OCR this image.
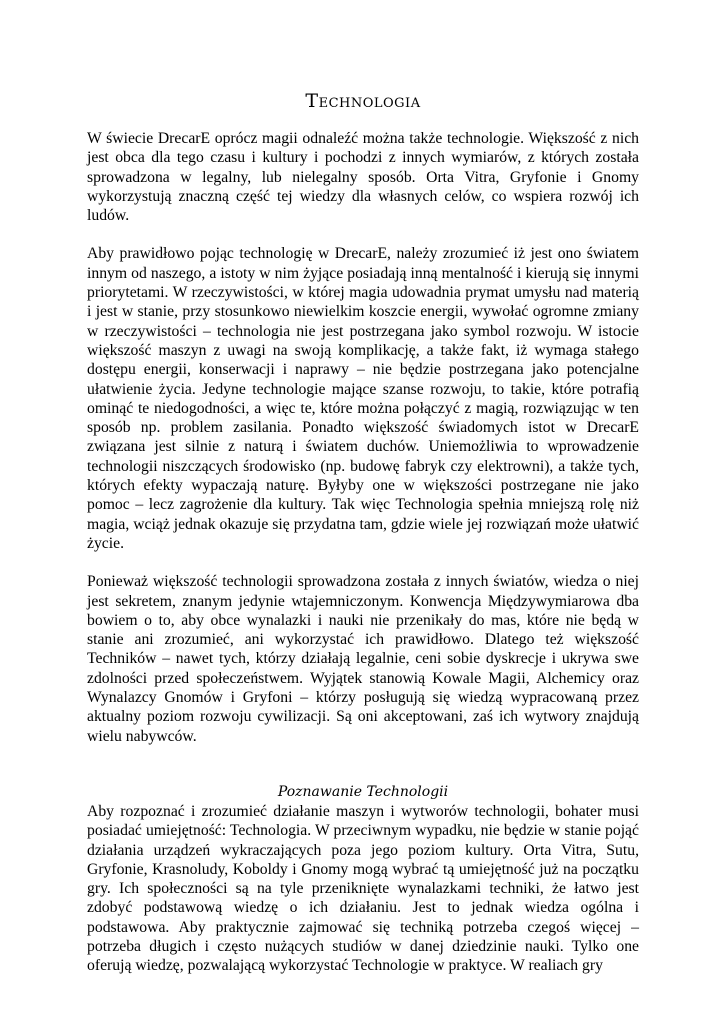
Technologia

W świecie DrecarE oprócz magii odnaleźć można także technologie. Większość z nich jest obca dla tego czasu i kultury i pochodzi z innych wymiarów, z których została sprowadzona w legalny, lub nielegalny sposób. Orta Vitra, Gryfonie i Gnomy wykorzystują znaczną część tej wiedzy dla własnych celów, co wspiera rozwój ich ludów.

Aby prawidłowo pojąc technologię w DrecarE, należy zrozumieć iż jest ono światem innym od naszego, a istoty w nim żyjące posiadają inną mentalność i kierują się innymi priorytetami. W rzeczywistości, w której magia udowadnia prymat umysłu nad materią i jest w stanie, przy stosunkowo niewielkim koszcie energii, wywołać ogromne zmiany w rzeczywistości – technologia nie jest postrzegana jako symbol rozwoju. W istocie większość maszyn z uwagi na swoją komplikację, a także fakt, iż wymaga stałego dostępu energii, konserwacji i naprawy – nie będzie postrzegana jako potencjalne ułatwienie życia. Jedyne technologie mające szanse rozwoju, to takie, które potrafią ominąć te niedogodności, a więc te, które można połączyć z magią, rozwiązując w ten sposób np. problem zasilania. Ponadto większość świadomych istot w DrecarE związana jest silnie z naturą i światem duchów. Uniemożliwia to wprowadzenie technologii niszczących środowisko (np. budowę fabryk czy elektrowni), a także tych, których efekty wypaczają naturę. Byłyby one w większości postrzegane nie jako pomoc – lecz zagrożenie dla kultury. Tak więc Technologia spełnia mniejszą rolę niż magia, wciąż jednak okazuje się przydatna tam, gdzie wiele jej rozwiązań może ułatwić życie.

Ponieważ większość technologii sprowadzona została z innych światów, wiedza o niej jest sekretem, znanym jedynie wtajemniczonym. Konwencja Międzywymiarowa dba bowiem o to, aby obce wynalazki i nauki nie przenikały do mas, które nie będą w stanie ani zrozumieć, ani wykorzystać ich prawidłowo. Dlatego też większość Techników – nawet tych, którzy działają legalnie, ceni sobie dyskrecje i ukrywa swe zdolności przed społeczeństwem. Wyjątek stanowią Kowale Magii, Alchemicy oraz Wynalazcy Gnomów i Gryfoni – którzy posługują się wiedzą wypracowaną przez aktualny poziom rozwoju cywilizacji. Są oni akceptowani, zaś ich wytwory znajdują wielu nabywców.

Poznawanie Technologii

Aby rozpoznać i zrozumieć działanie maszyn i wytworów technologii, bohater musi posiadać umiejętność: Technologia. W przeciwnym wypadku, nie będzie w stanie pojąć działania urządzeń wykraczających poza jego poziom kultury. Orta Vitra, Sutu, Gryfonie, Krasnoludy, Koboldy i Gnomy mogą wybrać tą umiejętność już na początku gry. Ich społeczności są na tyle przeniknięte wynalazkami techniki, że łatwo jest zdobyć podstawową wiedzę o ich działaniu. Jest to jednak wiedza ogólna i podstawowa. Aby praktycznie zajmować się techniką potrzeba czegoś więcej – potrzeba długich i często nużących studiów w danej dziedzinie nauki. Tylko one oferują wiedzę, pozwalającą wykorzystać Technologie w praktyce. W realiach gry
